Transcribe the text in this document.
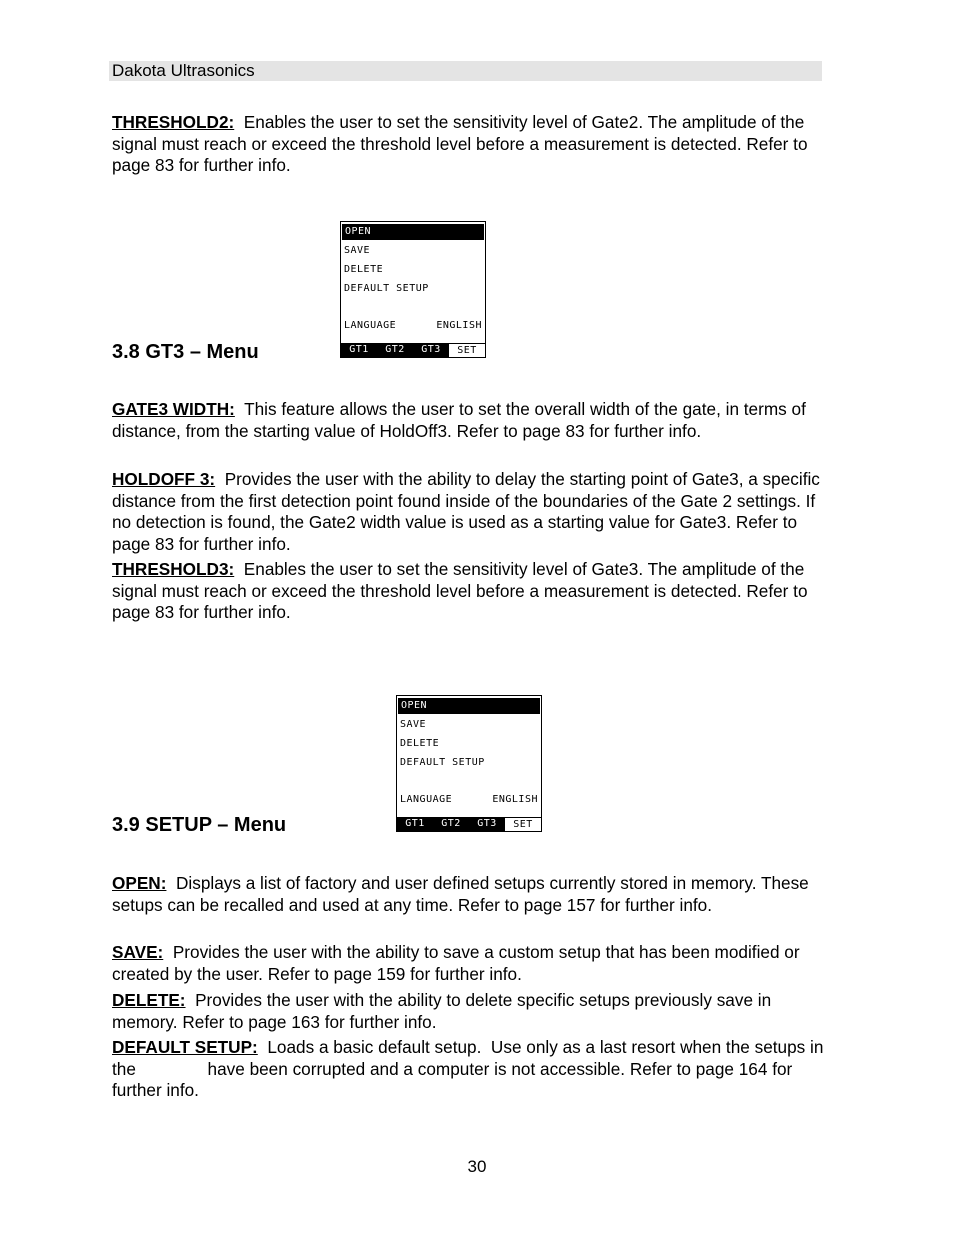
Dakota Ultrasonics
THRESHOLD2: Enables the user to set the sensitivity level of Gate2. The amplitude of the signal must reach or exceed the threshold level before a measurement is detected. Refer to page 83 for further info.
3.8 GT3 – Menu
OPEN
SAVE
DELETE
DEFAULT SETUP
LANGUAGE	ENGLISH
GT1	GT2	GT3	SET
GATE3 WIDTH: This feature allows the user to set the overall width of the gate, in terms of distance, from the starting value of HoldOff3. Refer to page 83 for further info.
HOLDOFF 3: Provides the user with the ability to delay the starting point of Gate3, a specific distance from the first detection point found inside of the boundaries of the Gate 2 settings. If no detection is found, the Gate2 width value is used as a starting value for Gate3. Refer to page 83 for further info.
THRESHOLD3: Enables the user to set the sensitivity level of Gate3. The amplitude of the signal must reach or exceed the threshold level before a measurement is detected. Refer to page 83 for further info.
3.9 SETUP – Menu
OPEN
SAVE
DELETE
DEFAULT SETUP
LANGUAGE	ENGLISH
GT1	GT2	GT3	SET
OPEN: Displays a list of factory and user defined setups currently stored in memory. These setups can be recalled and used at any time. Refer to page 157 for further info.
SAVE: Provides the user with the ability to save a custom setup that has been modified or created by the user. Refer to page 159 for further info.
DELETE: Provides the user with the ability to delete specific setups previously save in memory. Refer to page 163 for further info.
DEFAULT SETUP: Loads a basic default setup.  Use only as a last resort when the setups in the               have been corrupted and a computer is not accessible. Refer to page 164 for further info.
30
